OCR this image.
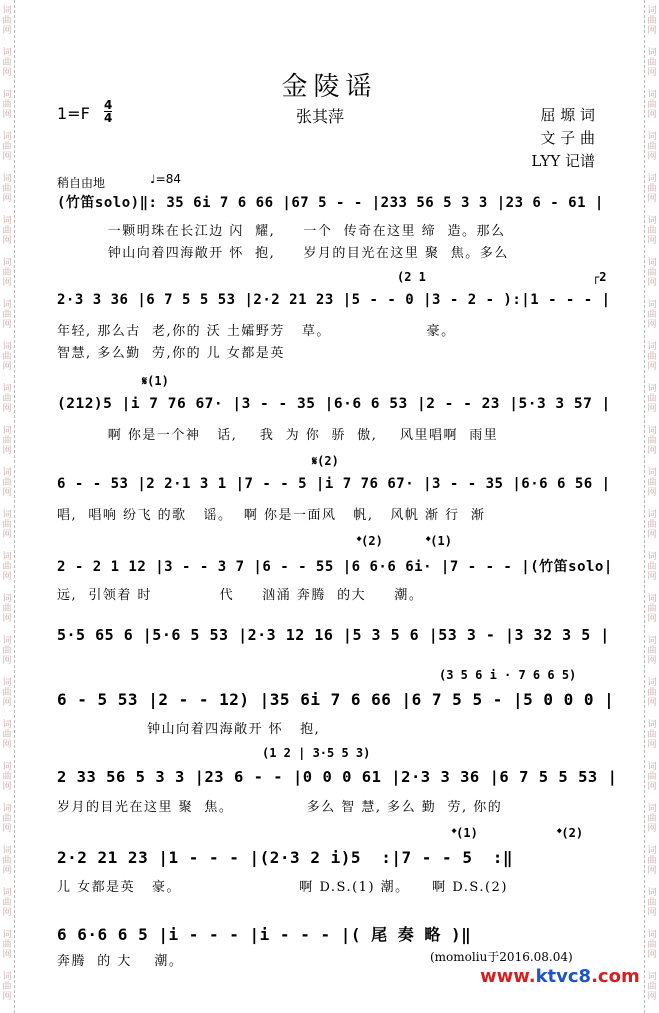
词
曲
网
词
曲
网
词
曲
网
词
曲
网
词
曲
网
词
曲
网
词
曲
网
词
曲
网
词
曲
网
词
曲
网
词
曲
网
词
曲
网
词
曲
网
词
曲
网
词
曲
网
词
曲
网
词
曲
网
词
曲
网
词
曲
网
词
曲
网
词
曲
网
词
曲
网
词
曲
网
词
曲
网
词
曲
网
词
曲
网
词
曲
网
词
曲
网
词
曲
网
词
曲
网
词
曲
网
词
曲
网
词
曲
网
词
曲
网
词
曲
网
词
曲
网
词
曲
网
词
曲
网
词
曲
网
词
曲
网
词
曲
网
词
曲
网
词
曲
网
词
曲
网
词
曲
网
词
曲
网
词
曲
网
词
曲
网
金陵谣
$1=F \frac{4}{4}$	张其萍	屈 塬 词
文 子 曲
LYY 记谱
稍自由地	♩=84
(竹笛solo)‖: 35 6i 7 6 66 |67 5 - - |233 56 5 3 3 |23 6 - 61 |
一颗明珠在长江边 闪  耀,     一个  传奇在这里 缔  造。那么
钟山向着四海敞开 怀  抱,     岁月的目光在这里 聚  焦。多么
(2 1                       ┌2
2·3 3 36 |6 7 5 5 53 |2·2 21 23 |5 - - 0 |3 - 2 - ):|1 - - - |
年轻, 那么古  老,你的 沃 土孀野芳   草。                 豪。
智慧, 多么勤  劳,你的 儿 女都是英
𝄋(1)
(212)5 |i 7 76 67· |3 - - 35 |6·6 6 53 |2 - - 23 |5·3 3 57 |
啊 你是一个神   话,    我  为 你  骄  傲,    风里唱啊  雨里
𝄋(2)
6 - - 53 |2 2·1 3 1 |7 - - 5 |i 7 76 67· |3 - - 35 |6·6 6 56 |
唱,  唱响 纷飞 的歌   谣。  啊 你是一面风   帆,   风帆 渐 行  渐
𝄌(2)      𝄌(1)
2 - 2 1 12 |3 - - 3 7 |6 - - 55 |6 6·6 6i· |7 - - - |(竹笛solo|
远,  引领着 时            代     汹涌 奔腾  的大     潮。
5·5 65 6 |5·6 5 53 |2·3 12 16 |5 3 5 6 |53 3 - |3 32 3 5 |
(3 5 6 i · 7 6 6 5)
6 - 5 53 |2 - - 12) |35 6i 7 6 66 |6 7 5 5 - |5 0 0 0 |
钟山向着四海敞开 怀   抱,
(1 2 | 3·5 5 3)
2 33 56 5 3 3 |23 6 - - |0 0 0 61 |2·3 3 36 |6 7 5 5 53 |
岁月的目光在这里 聚  焦。             多么 智 慧, 多么 勤  劳, 你的
𝄌(1)           𝄌(2)
2·2 21 23 |1 - - - |(2·3 2 i)5  :|7 - - 5  :‖
儿 女都是英   豪。                     啊 D.S.(1) 潮。    啊 D.S.(2)
6 6·6 6 5 |i - - - |i - - - |( 尾 奏 略 )‖
奔腾  的 大    潮。	(momoliu于2016.08.04)
www.ktvc8.com
